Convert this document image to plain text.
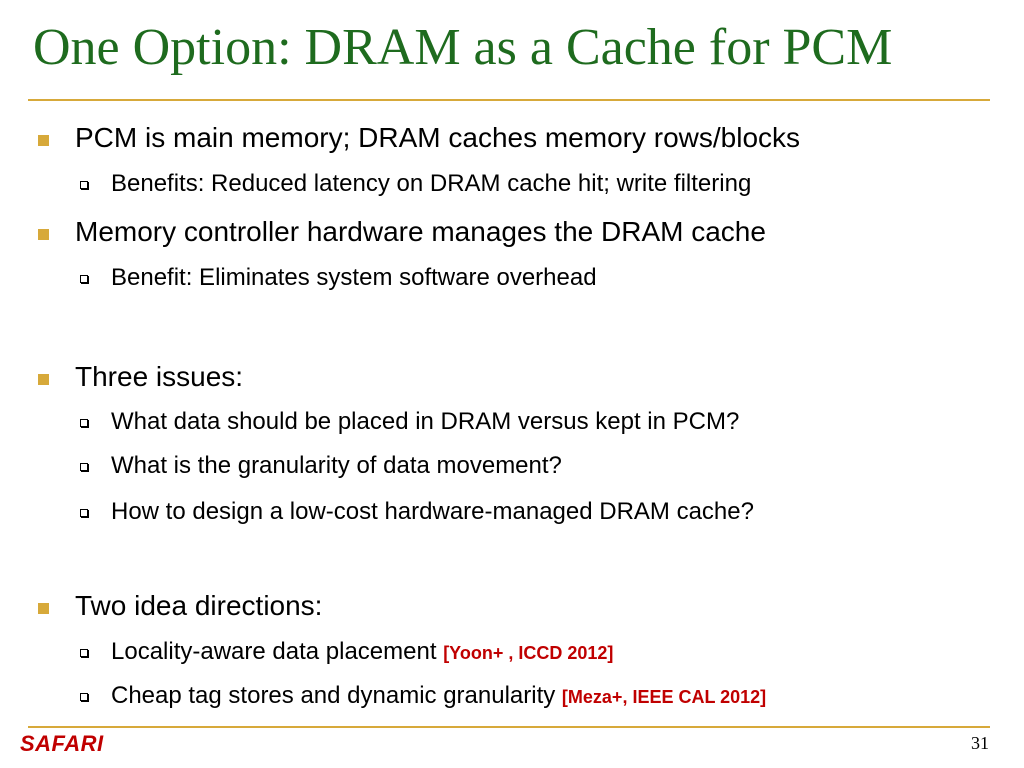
One Option: DRAM as a Cache for PCM
PCM is main memory; DRAM caches memory rows/blocks
Benefits: Reduced latency on DRAM cache hit; write filtering
Memory controller hardware manages the DRAM cache
Benefit: Eliminates system software overhead
Three issues:
What data should be placed in DRAM versus kept in PCM?
What is the granularity of data movement?
How to design a low-cost hardware-managed DRAM cache?
Two idea directions:
Locality-aware data placement [Yoon+ , ICCD 2012]
Cheap tag stores and dynamic granularity [Meza+, IEEE CAL 2012]
SAFARI	31
